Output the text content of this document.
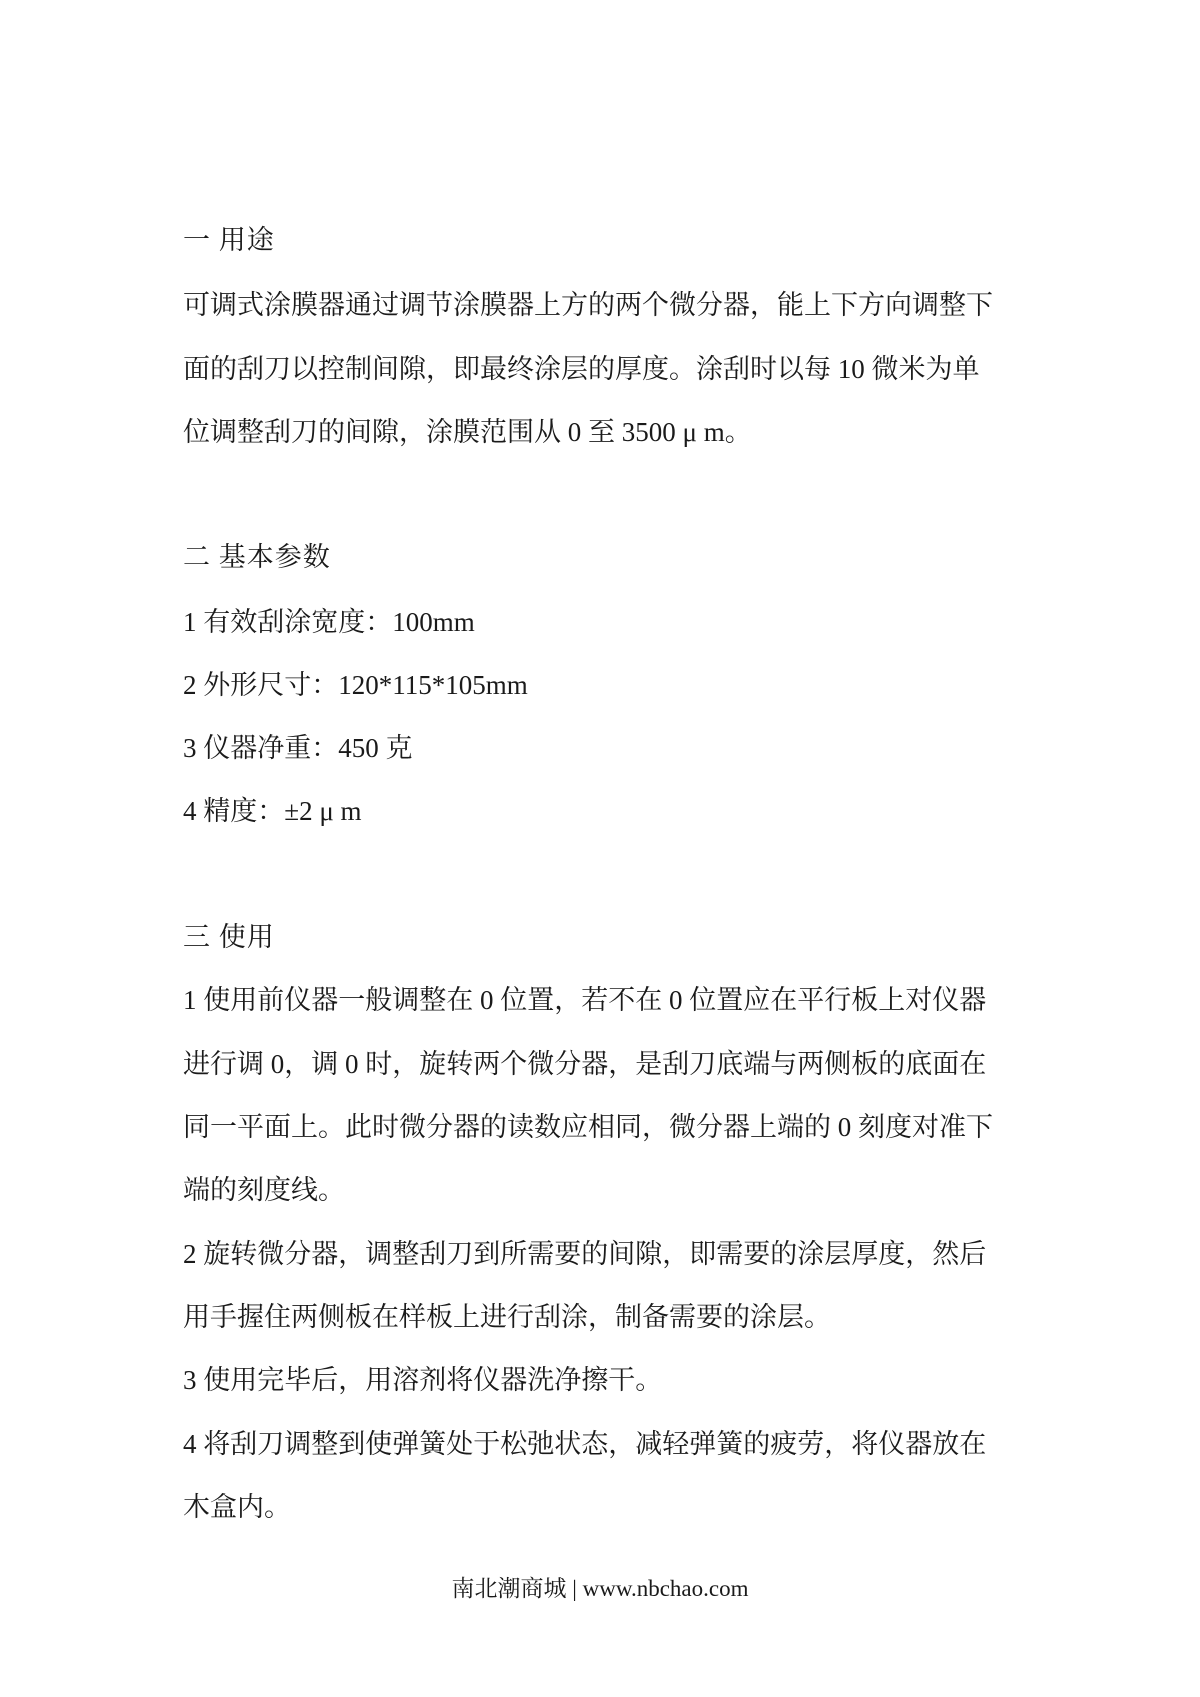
一 用途
可调式涂膜器通过调节涂膜器上方的两个微分器，能上下方向调整下
面的刮刀以控制间隙，即最终涂层的厚度。涂刮时以每 10 微米为单
位调整刮刀的间隙，涂膜范围从 0 至 3500 μ m。
二 基本参数
1 有效刮涂宽度：100mm
2 外形尺寸：120*115*105mm
3 仪器净重：450 克
4 精度：±2 μ m
三 使用
1 使用前仪器一般调整在 0 位置，若不在 0 位置应在平行板上对仪器
进行调 0，调 0 时，旋转两个微分器，是刮刀底端与两侧板的底面在
同一平面上。此时微分器的读数应相同，微分器上端的 0 刻度对准下
端的刻度线。
2 旋转微分器，调整刮刀到所需要的间隙，即需要的涂层厚度，然后
用手握住两侧板在样板上进行刮涂，制备需要的涂层。
3 使用完毕后，用溶剂将仪器洗净擦干。
4 将刮刀调整到使弹簧处于松弛状态，减轻弹簧的疲劳，将仪器放在
木盒内。
南北潮商城 | www.nbchao.com
